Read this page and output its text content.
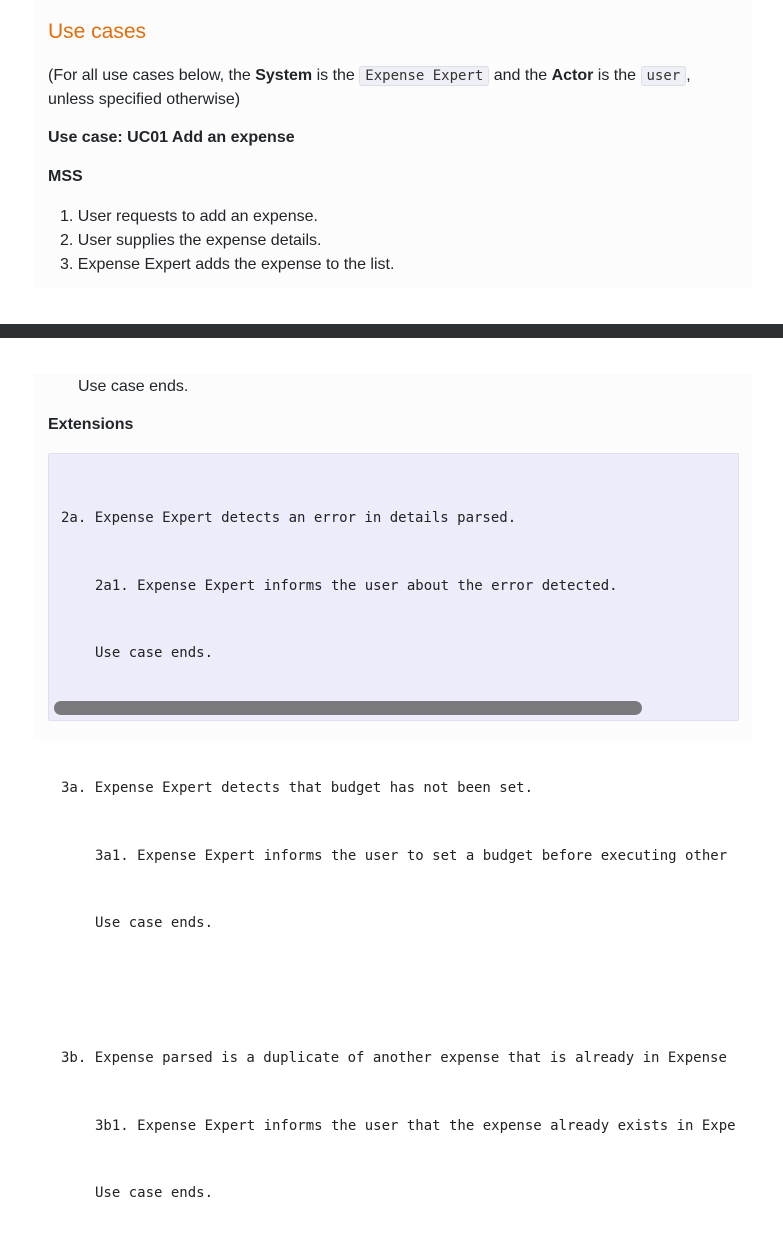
Use cases

(For all use cases below, the System is the Expense Expert and the Actor is the user , unless specified otherwise)

Use case: UC01 Add an expense

MSS

1. User requests to add an expense.
2. User supplies the expense details.
3. Expense Expert adds the expense to the list.

Use case ends.

Extensions

2a. Expense Expert detects an error in details parsed.

2a1. Expense Expert informs the user about the error detected.

Use case ends.

3a. Expense Expert detects that budget has not been set.

3a1. Expense Expert informs the user to set a budget before executing other

Use case ends.

3b. Expense parsed is a duplicate of another expense that is already in Expense

3b1. Expense Expert informs the user that the expense already exists in Expe

Use case ends.
